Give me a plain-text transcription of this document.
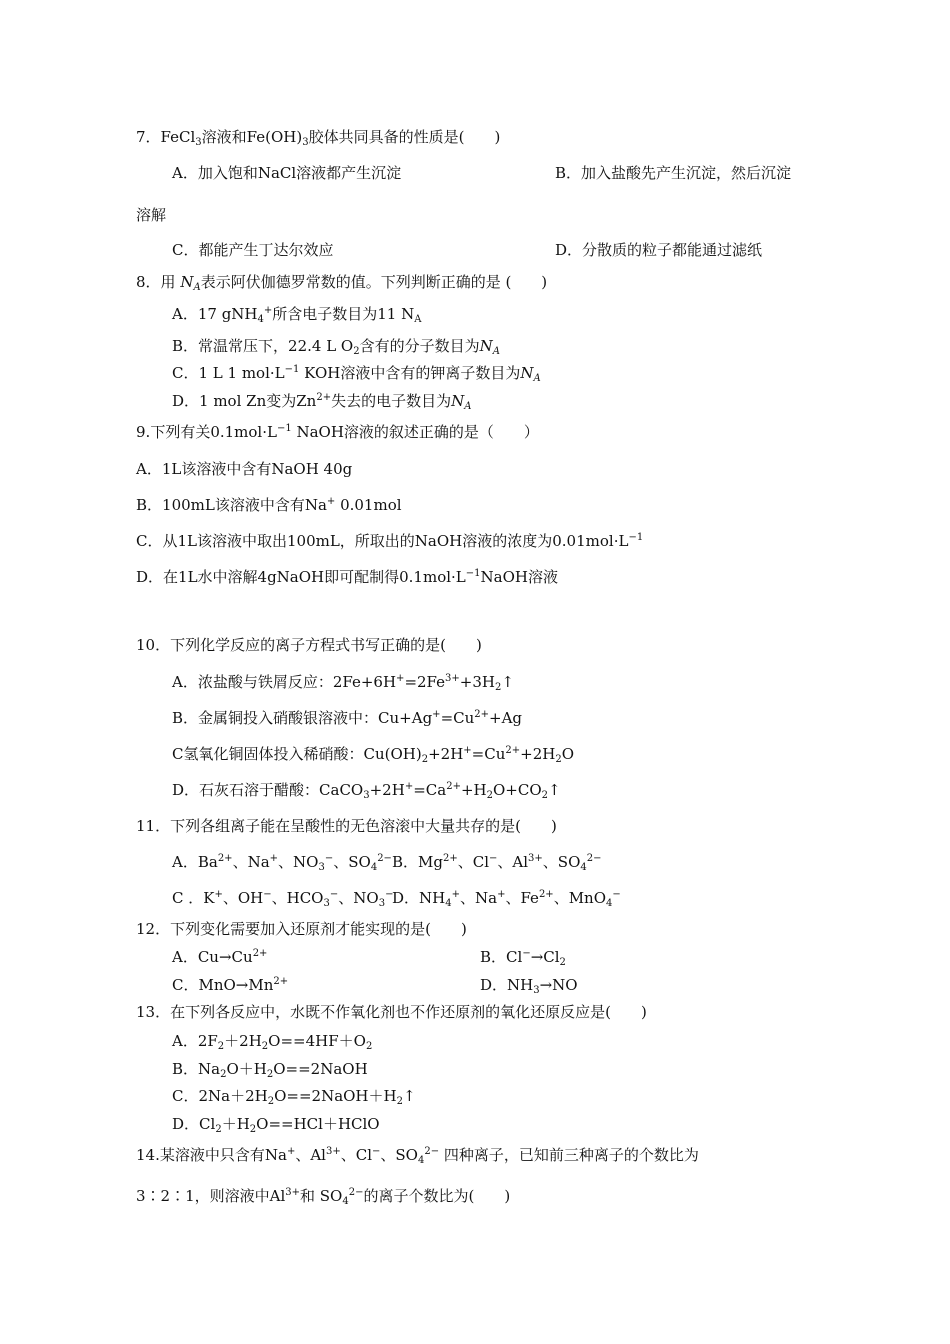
7．FeCl$_3$溶液和$Fe(OH)_3$胶体共同具备的性质是(　　)
A．加入饱和NaCl溶液都产生沉淀	B．加入盐酸先产生沉淀，然后沉淀
溶解
C．都能产生丁达尔效应	D．分散质的粒子都能通过滤纸
8．用 $N_A$表示阿伏伽德罗常数的值。下列判断正确的是 (　　)
A．17 gNH$_4$+所含电子数目为11 $N_A$
B．常温常压下，22.4 L $O_2$含有的分子数目为$N_A$
C．1 L 1 $mol\cdot L^{-1}$ KOH溶液中含有的钾离子数目为$N_A$
D．1 mol Zn变为$Zn^{2+}$失去的电子数目为$N_A$
9.下列有关$0.1mol\cdot L^{-1}$ NaOH溶液的叙述正确的是（　　）
A．1L该溶液中含有NaOH 40g
B．100mL该溶液中含有Na+ 0.01mol
C．从1L该溶液中取出100mL，所取出的NaOH溶液的浓度为$0.01mol\cdot L^{-1}$
D．在1L水中溶解4gNaOH即可配制得$0.1mol\cdot L^{-1}NaOH$溶液
10．下列化学反应的离子方程式书写正确的是(　　)
A．浓盐酸与铁屑反应：$2Fe+6H^+=2Fe^{3+}+3H_2↑$
B．金属铜投入硝酸银溶液中：$Cu+Ag^+=Cu^{2+}+Ag$
C氢氧化铜固体投入稀硝酸：$Cu(OH)_2+2H^+=Cu^{2+}+2H_2O$
D．石灰石溶于醋酸：$CaCO_3+2H^+=Ca^{2+}+H_2O+CO_2↑$
11．下列各组离子能在呈酸性的无色溶滚中大量共存的是(　　)
A．$Ba^{2+}$、Na+、$NO_3^-$、$SO_4^{2-}$ B．$Mg^{2+}$、Cl−、$Al^{3+}$、$SO_4^{2-}$
C ．K+、OH−、$HCO_3^-$、$NO_3^-$
D．$NH_4^+$、Na+、$Fe^{2+}$、MnO$_4$−
12．下列变化需要加入还原剂才能实现的是(　　)
A．$Cu\to Cu^{2+}$	B．$Cl^-\to Cl_2$
C．$MnO\to Mn^{2+}$	D．$NH_3\to NO$
13．在下列各反应中，水既不作氧化剂也不作还原剂的氧化还原反应是(　　)
A．$2F_2+2H_2O==4HF+O_2$
B．$Na_2O+H_2O==2NaOH$
C．$2Na+2H_2O==2NaOH+H_2↑$
D．$Cl_2+H_2O==HCl+HClO$
14.某溶液中只含有Na+、$Al^{3+}$、Cl−、$SO_4^{2-}$ 四种离子，已知前三种离子的个数比为
3∶2∶1，则溶液中$Al^{3+}$和 $SO_4^{2-}$的离子个数比为(　　)
